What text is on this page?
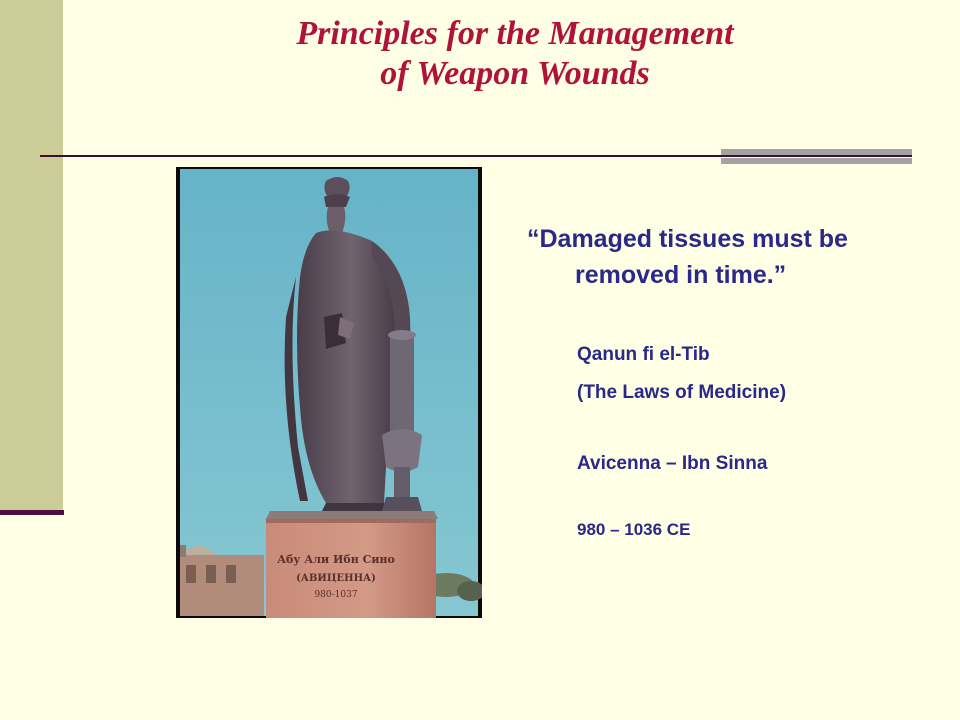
Principles for the Management
of Weapon Wounds
Абу Али Ибн Сино
(АВИЦЕННА)
980-1037
“Damaged tissues must be
removed in time.”
Qanun fi el-Tib
(The Laws of Medicine)
Avicenna – Ibn Sinna
980 – 1036 CE
